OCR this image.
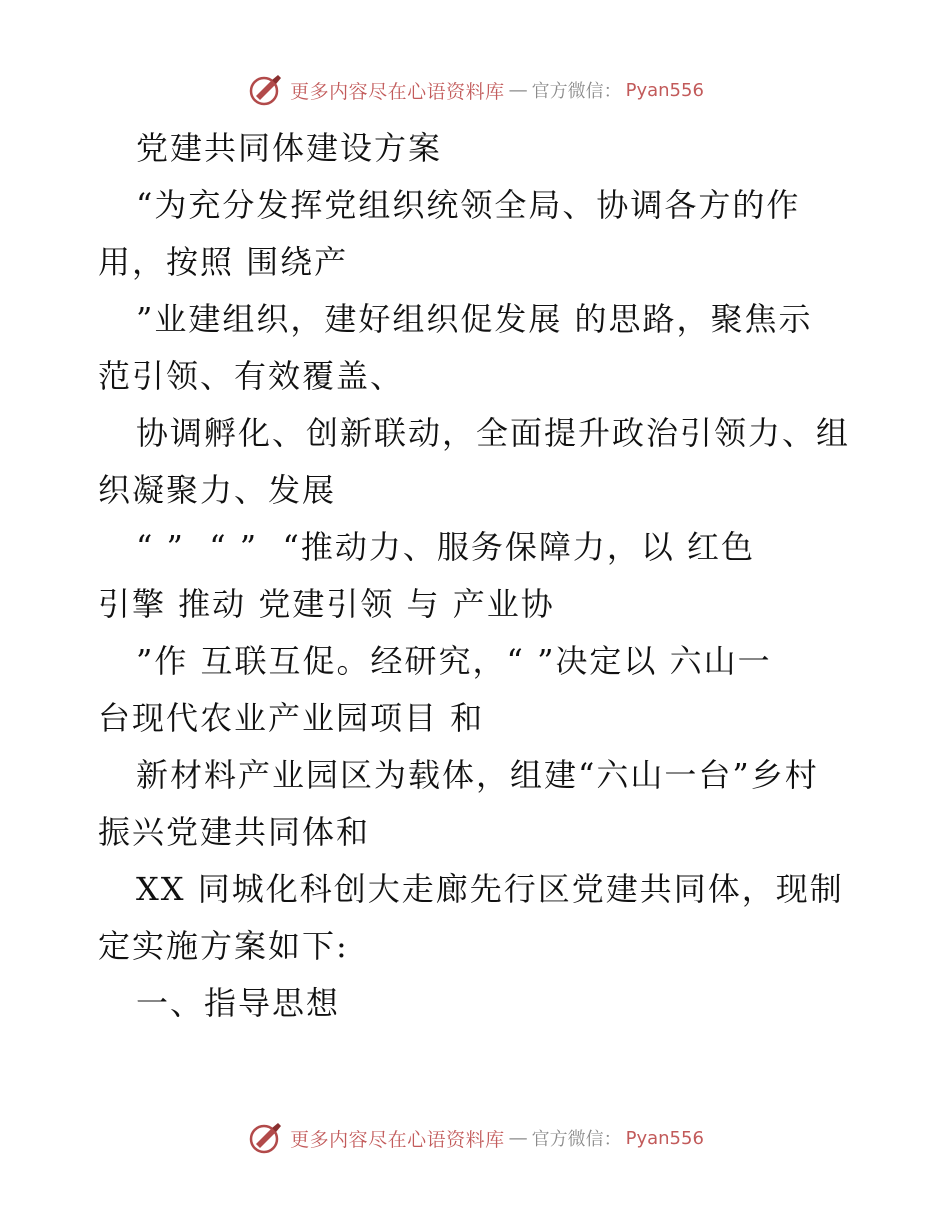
更多内容尽在心语资料库 — 官方微信： Pyan556
党建共同体建设方案
“为充分发挥党组织统领全局、协调各方的作
用，按照 围绕产
”业建组织，建好组织促发展 的思路，聚焦示
范引领、有效覆盖、
协调孵化、创新联动，全面提升政治引领力、组
织凝聚力、发展
“ ”  “ ”  “推动力、服务保障力，以 红色
引擎 推动 党建引领 与 产业协
”作 互联互促。经研究，“ ”决定以 六山一
台现代农业产业园项目 和
新材料产业园区为载体，组建“六山一台”乡村
振兴党建共同体和
XX 同城化科创大走廊先行区党建共同体，现制
定实施方案如下:
一、指导思想
更多内容尽在心语资料库 — 官方微信： Pyan556
